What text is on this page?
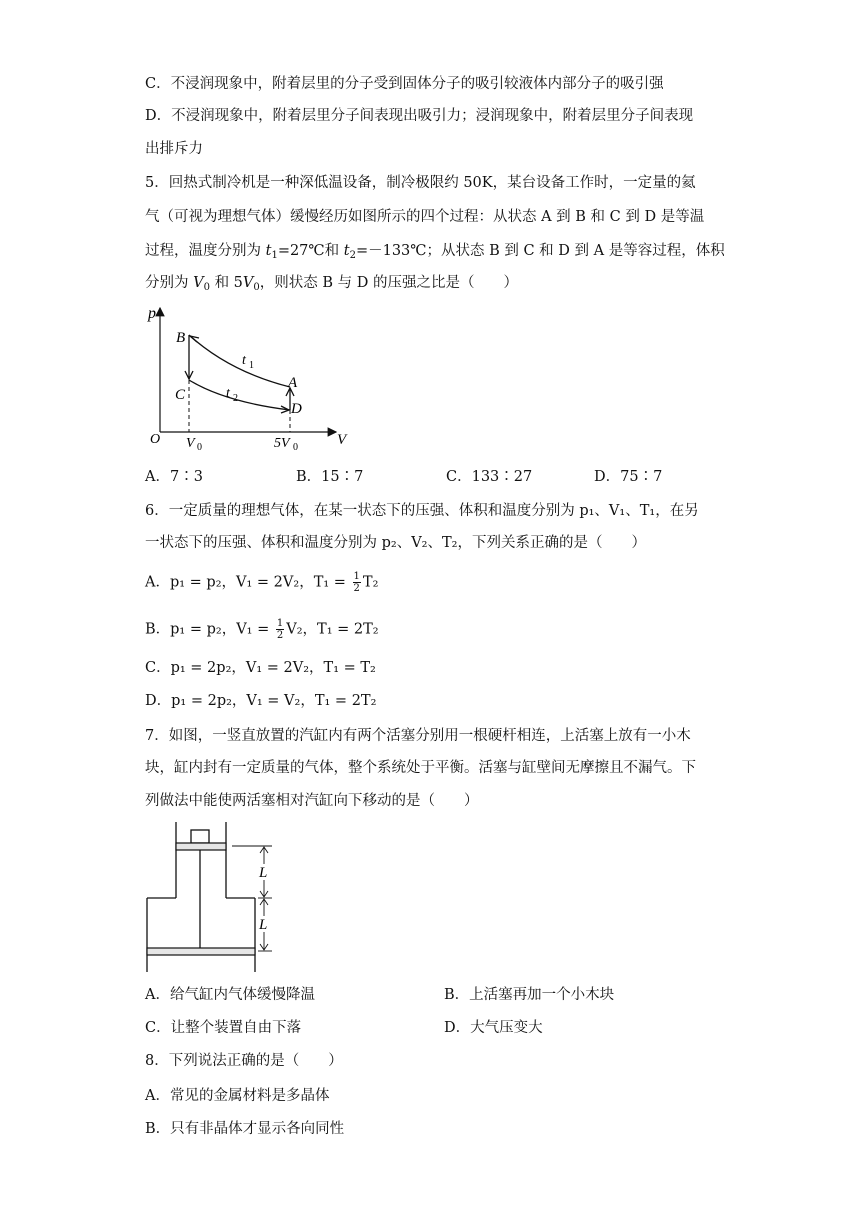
C．不浸润现象中，附着层里的分子受到固体分子的吸引较液体内部分子的吸引强
D．不浸润现象中，附着层里分子间表现出吸引力；浸润现象中，附着层里分子间表现
出排斥力
5．回热式制冷机是一种深低温设备，制冷极限约 50K，某台设备工作时，一定量的氦
气（可视为理想气体）缓慢经历如图所示的四个过程：从状态 A 到 B 和 C 到 D 是等温
过程，温度分别为 $t_1=27℃$和 $t_2=-133℃$；从状态 B 到 C 和 D 到 A 是等容过程，体积
分别为 $V_0$ 和 $5V_0$，则状态 B 与 D 的压强之比是（　　）
p
V
O
B
C
A
D
t 1
t 2
V 0	5V 0
A．7∶3	B．15∶7	C．133∶27	D．75∶7
6．一定质量的理想气体，在某一状态下的压强、体积和温度分别为 p₁、V₁、T₁，在另
一状态下的压强、体积和温度分别为 p₂、V₂、T₂，下列关系正确的是（　　）
A．p₁ = p₂，V₁ = 2V₂，$T_1 = \frac{1}{2} T_2$
B．p₁ = p₂，$V_1 = \frac{1}{2} V_2$，T₁ = 2T₂
C．p₁ = 2p₂，V₁ = 2V₂，T₁ = T₂
D．p₁ = 2p₂，V₁ = V₂，T₁ = 2T₂
7．如图，一竖直放置的汽缸内有两个活塞分别用一根硬杆相连，上活塞上放有一小木
块，缸内封有一定质量的气体，整个系统处于平衡。活塞与缸壁间无摩擦且不漏气。下
列做法中能使两活塞相对汽缸向下移动的是（　　）
L
L
A．给气缸内气体缓慢降温	B．上活塞再加一个小木块
C．让整个装置自由下落	D．大气压变大
8．下列说法正确的是（　　）
A．常见的金属材料是多晶体
B．只有非晶体才显示各向同性
